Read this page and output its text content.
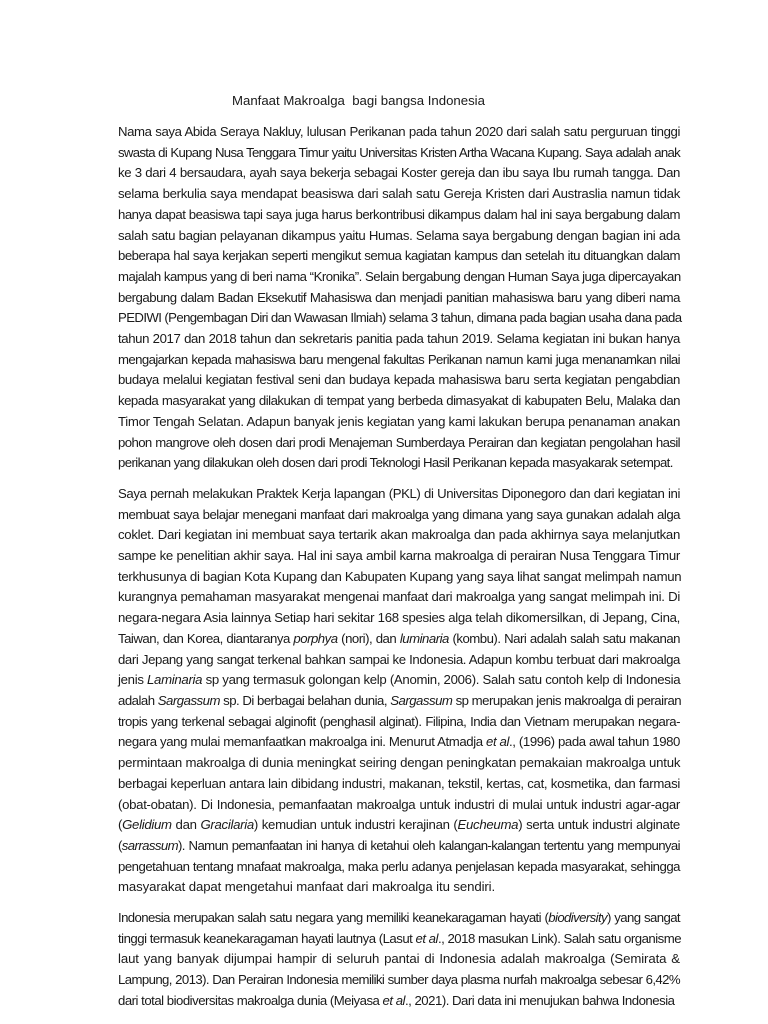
Manfaat Makroalga  bagi bangsa Indonesia
Nama saya Abida Seraya Nakluy, lulusan Perikanan pada tahun 2020 dari salah satu perguruan tinggi
swasta di Kupang Nusa Tenggara Timur yaitu Universitas Kristen Artha Wacana Kupang. Saya adalah anak
ke 3 dari 4 bersaudara, ayah saya bekerja sebagai Koster gereja dan ibu saya Ibu rumah tangga. Dan
selama berkulia saya mendapat beasiswa dari salah satu Gereja Kristen dari Austraslia namun tidak
hanya dapat beasiswa tapi saya juga harus berkontribusi dikampus dalam hal ini saya bergabung dalam
salah satu bagian pelayanan dikampus yaitu Humas. Selama saya bergabung dengan bagian ini ada
beberapa hal saya kerjakan seperti mengikut semua kagiatan kampus dan setelah itu dituangkan dalam
majalah kampus yang di beri nama “Kronika”. Selain bergabung dengan Human Saya juga dipercayakan
bergabung dalam Badan Eksekutif Mahasiswa dan menjadi panitian mahasiswa baru yang diberi nama
PEDIWI (Pengembagan Diri dan Wawasan Ilmiah) selama 3 tahun, dimana pada bagian usaha dana pada
tahun 2017 dan 2018 tahun dan sekretaris panitia pada tahun 2019. Selama kegiatan ini bukan hanya
mengajarkan kepada mahasiswa baru mengenal fakultas Perikanan namun kami juga menanamkan nilai
budaya melalui kegiatan festival seni dan budaya kepada mahasiswa baru serta kegiatan pengabdian
kepada masyarakat yang dilakukan di tempat yang berbeda dimasyakat di kabupaten Belu, Malaka dan
Timor Tengah Selatan. Adapun banyak jenis kegiatan yang kami lakukan berupa penanaman anakan
pohon mangrove oleh dosen dari prodi Menajeman Sumberdaya Perairan dan kegiatan pengolahan hasil
perikanan yang dilakukan oleh dosen dari prodi Teknologi Hasil Perikanan kepada masyakarak setempat.
Saya pernah melakukan Praktek Kerja lapangan (PKL) di Universitas Diponegoro dan dari kegiatan ini
membuat saya belajar menegani manfaat dari makroalga yang dimana yang saya gunakan adalah alga
coklet. Dari kegiatan ini membuat saya tertarik akan makroalga dan pada akhirnya saya melanjutkan
sampe ke penelitian akhir saya. Hal ini saya ambil karna makroalga di perairan Nusa Tenggara Timur
terkhusunya di bagian Kota Kupang dan Kabupaten Kupang yang saya lihat sangat melimpah namun
kurangnya pemahaman masyarakat mengenai manfaat dari makroalga yang sangat melimpah ini. Di
negara-negara Asia lainnya Setiap hari sekitar 168 spesies alga telah dikomersilkan, di Jepang, Cina,
Taiwan, dan Korea, diantaranya porphya (nori), dan luminaria (kombu). Nari adalah salah satu makanan
dari Jepang yang sangat terkenal bahkan sampai ke Indonesia. Adapun kombu terbuat dari makroalga
jenis Laminaria sp yang termasuk golongan kelp (Anomin, 2006). Salah satu contoh kelp di Indonesia
adalah Sargassum sp. Di berbagai belahan dunia, Sargassum sp merupakan jenis makroalga di perairan
tropis yang terkenal sebagai alginofit (penghasil alginat). Filipina, India dan Vietnam merupakan negara-
negara yang mulai memanfaatkan makroalga ini. Menurut Atmadja et al., (1996) pada awal tahun 1980
permintaan makroalga di dunia meningkat seiring dengan peningkatan pemakaian makroalga untuk
berbagai keperluan antara lain dibidang industri, makanan, tekstil, kertas, cat, kosmetika, dan farmasi
(obat-obatan). Di Indonesia, pemanfaatan makroalga untuk industri di mulai untuk industri agar-agar
(Gelidium dan Gracilaria) kemudian untuk industri kerajinan (Eucheuma) serta untuk industri alginate
(sarrassum). Namun pemanfaatan ini hanya di ketahui oleh kalangan-kalangan tertentu yang mempunyai
pengetahuan tentang mnafaat makroalga, maka perlu adanya penjelasan kepada masyarakat, sehingga
masyarakat dapat mengetahui manfaat dari makroalga itu sendiri.
Indonesia merupakan salah satu negara yang memiliki keanekaragaman hayati (biodiversity) yang sangat
tinggi termasuk keanekaragaman hayati lautnya (Lasut et al., 2018 masukan Link). Salah satu organisme
laut yang banyak dijumpai hampir di seluruh pantai di Indonesia adalah makroalga (Semirata &
Lampung, 2013). Dan Perairan Indonesia memiliki sumber daya plasma nurfah makroalga sebesar 6,42%
dari total biodiversitas makroalga dunia (Meiyasa et al., 2021). Dari data ini menujukan bahwa Indonesia
